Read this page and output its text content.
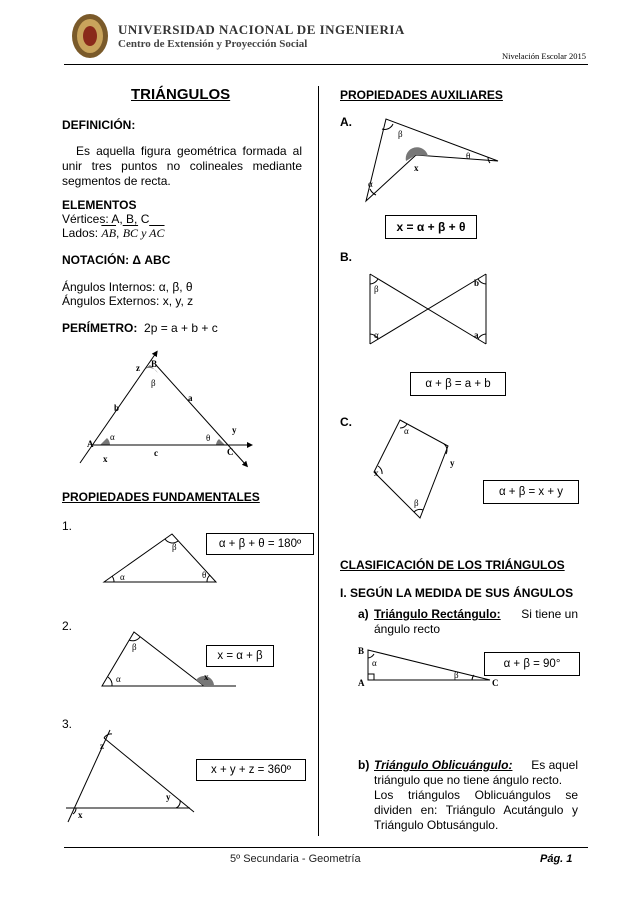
UNIVERSIDAD NACIONAL DE INGENIERIA
Centro de Extensión y Proyección Social
Nivelación Escolar 2015
TRIÁNGULOS
DEFINICIÓN:
Es aquella figura geométrica formada al unir tres puntos no colineales mediante segmentos de recta.
ELEMENTOS
Vértices: A, B, C
Lados: $\overline{AB}$, $\overline{BC}$ y $\overline{AC}$
NOTACIÓN: Δ ABC
Ángulos Internos: α, β, θ
Ángulos Externos: x, y, z
PERÍMETRO: 2p = a + b + c
B
A
C
z
β
a
b
α	θ
y
c
x
PROPIEDADES FUNDAMENTALES
1.
β
α	θ
α + β + θ = 180º
2.
β
α	x
x = α + β
3.
z
x
y
x + y + z = 360º
PROPIEDADES AUXILIARES
A.
β
θ
α
x
x = α + β + θ
B.
β
α
b
a
α + β = a + b
C.
α
y
x
β
α + β = x + y
CLASIFICACIÓN DE LOS TRIÁNGULOS
I. SEGÚN LA MEDIDA DE SUS ÁNGULOS
a) Triángulo Rectángulo: Si tiene un
ángulo recto
B
A	C
α
β
α + β = 90°
b) Triángulo Oblicuángulo: Es aquel
triángulo que no tiene ángulo recto.
Los triángulos Oblicuángulos se
dividen en: Triángulo Acutángulo y
Triángulo Obtusángulo.
5º Secundaria - Geometría	Pág. 1
